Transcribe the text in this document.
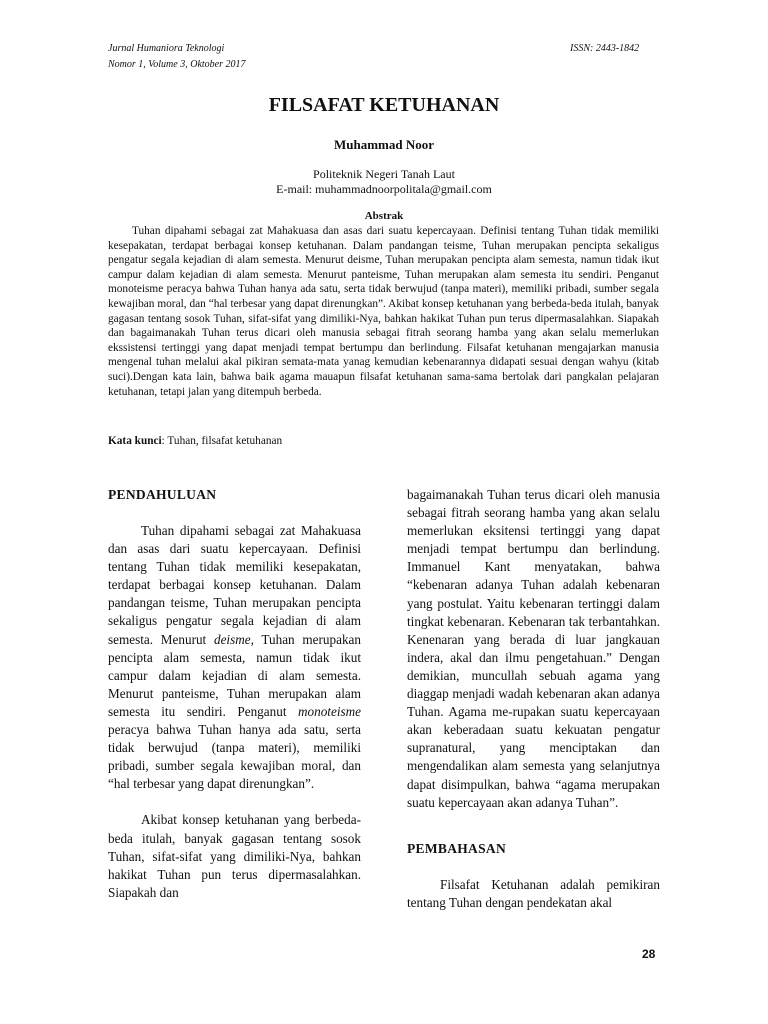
Jurnal Humaniora Teknologi
Nomor 1, Volume 3, Oktober 2017
ISSN: 2443-1842
FILSAFAT KETUHANAN
Muhammad Noor
Politeknik Negeri Tanah Laut
E-mail: muhammadnoorpolitala@gmail.com
Abstrak

Tuhan dipahami sebagai zat Mahakuasa dan asas dari suatu kepercayaan. Definisi tentang Tuhan tidak memiliki kesepakatan, terdapat berbagai konsep ketuhanan. Dalam pandangan teisme, Tuhan merupakan pencipta sekaligus pengatur segala kejadian di alam semesta. Menurut deisme, Tuhan merupakan pencipta alam semesta, namun tidak ikut campur dalam kejadian di alam semesta. Menurut panteisme, Tuhan merupakan alam semesta itu sendiri. Penganut monoteisme peracya bahwa Tuhan hanya ada satu, serta tidak berwujud (tanpa materi), memiliki pribadi, sumber segala kewajiban moral, dan “hal terbesar yang dapat direnungkan”. Akibat konsep ketuhanan yang berbeda-beda itulah, banyak gagasan tentang sosok Tuhan, sifat-sifat yang dimiliki-Nya, bahkan hakikat Tuhan pun terus dipermasalahkan. Siapakah dan bagaimanakah Tuhan terus dicari oleh manusia sebagai fitrah seorang hamba yang akan selalu memerlukan ekssistensi tertinggi yang dapat menjadi tempat bertumpu dan berlindung. Filsafat ketuhanan mengajarkan manusia mengenal tuhan melalui akal pikiran semata-mata yanag kemudian kebenarannya didapati sesuai dengan wahyu (kitab suci).Dengan kata lain, bahwa baik agama mauapun filsafat ketuhanan sama-sama bertolak dari pangkalan pelajaran ketuhanan, tetapi jalan yang ditempuh berbeda.

Kata kunci: Tuhan, filsafat ketuhanan

PENDAHULUAN

Tuhan dipahami sebagai zat Mahakuasa dan asas dari suatu kepercayaan. Definisi tentang Tuhan tidak memiliki kesepakatan, terdapat berbagai konsep ketuhanan. Dalam pandangan teisme, Tuhan merupakan pencipta sekaligus pengatur segala kejadian di alam semesta. Menurut deisme, Tuhan merupakan pencipta alam semesta, namun tidak ikut campur dalam kejadian di alam semesta. Menurut panteisme, Tuhan merupakan alam semesta itu sendiri. Penganut monoteisme peracya bahwa Tuhan hanya ada satu, serta tidak berwujud (tanpa materi), memiliki pribadi, sumber segala kewajiban moral, dan “hal terbesar yang dapat direnungkan”.

Akibat konsep ketuhanan yang berbeda-beda itulah, banyak gagasan tentang sosok Tuhan, sifat-sifat yang dimiliki-Nya, bahkan hakikat Tuhan pun terus dipermasalahkan. Siapakah dan

bagaimanakah Tuhan terus dicari oleh manusia sebagai fitrah seorang hamba yang akan selalu memerlukan eksitensi tertinggi yang dapat menjadi tempat bertumpu dan berlindung. Immanuel Kant menyatakan, bahwa “kebenaran adanya Tuhan adalah kebenaran yang postulat. Yaitu kebenaran tertinggi dalam tingkat kebenaran. Kebenaran tak terbantahkan. Kenenaran yang berada di luar jangkauan indera, akal dan ilmu pengetahuan.” Dengan demikian, muncullah sebuah agama yang diaggap menjadi wadah kebenaran akan adanya Tuhan. Agama me-rupakan suatu kepercayaan akan keberadaan suatu kekuatan pengatur supranatural, yang menciptakan dan mengendalikan alam semesta yang selanjutnya dapat disimpulkan, bahwa “agama merupakan suatu kepercayaan akan adanya Tuhan”.

PEMBAHASAN

Filsafat Ketuhanan adalah pemikiran tentang Tuhan dengan pendekatan akal

28
